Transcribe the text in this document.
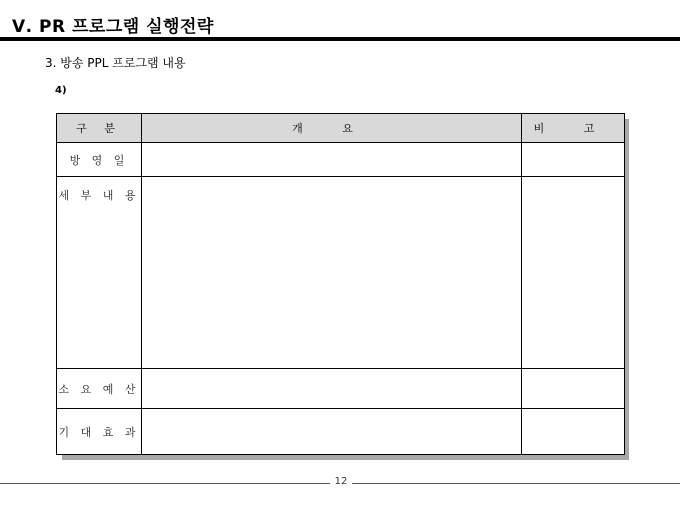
Ⅴ. PR 프로그램 실행전략
3. 방송 PPL 프로그램 내용
4)
구 분	개 요	비 고
방 영 일		
세 부 내 용		
소 요 예 산		
기 대 효 과		
12
